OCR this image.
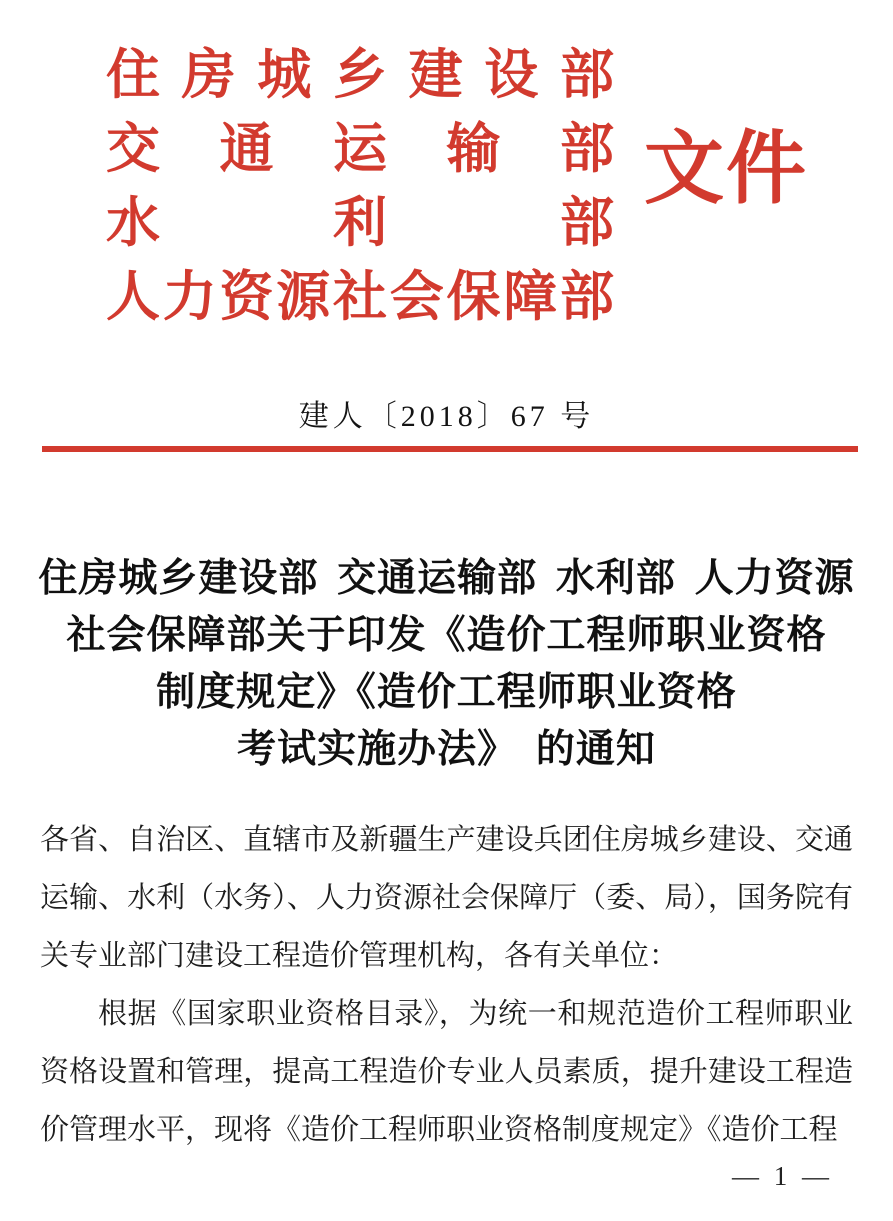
住 房 城 乡 建 设 部
交 通 运 输 部
水	利	部
人 力 资 源 社 会 保 障 部
文件
建人〔2018〕67 号
住房城乡建设部 交通运输部 水利部 人力资源
社会保障部关于印发《造价工程师职业资格
制度规定》《造价工程师职业资格
考试实施办法》 的通知

各省、自治区、直辖市及新疆生产建设兵团住房城乡建设、交通运输、水利（水务）、人力资源社会保障厅（委、局），国务院有关专业部门建设工程造价管理机构，各有关单位：

根据《国家职业资格目录》，为统一和规范造价工程师职业资格设置和管理，提高工程造价专业人员素质，提升建设工程造价管理水平，现将《造价工程师职业资格制度规定》《造价工程

— 1 —
